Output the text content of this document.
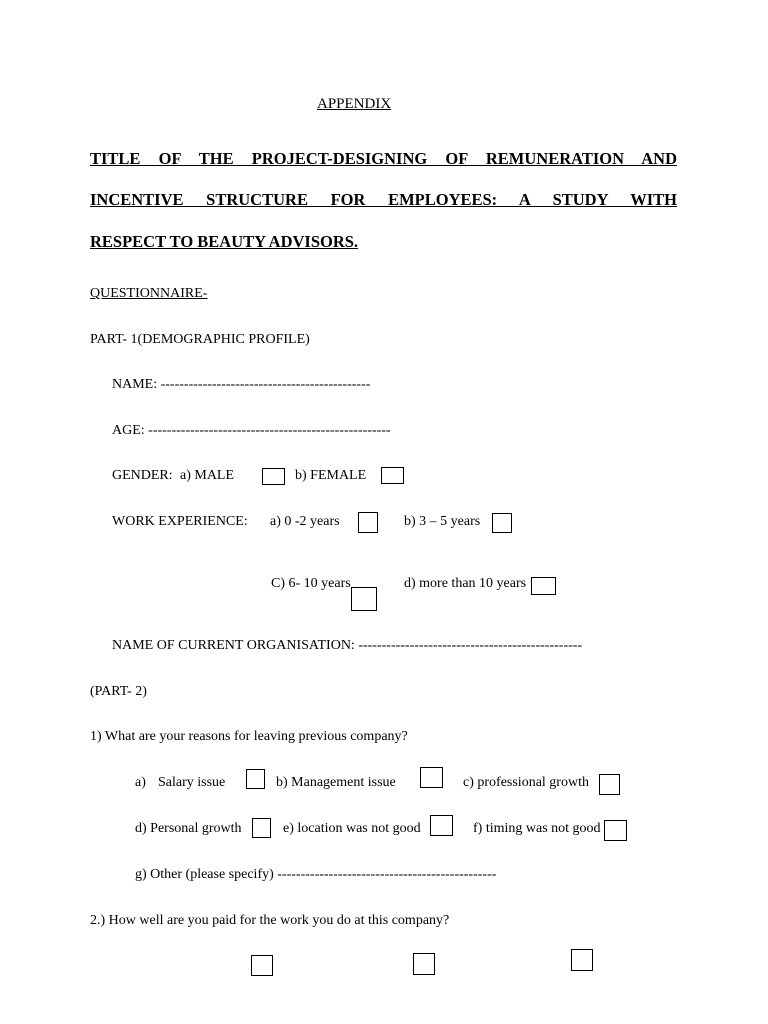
APPENDIX
TITLE OF THE PROJECT-DESIGNING OF REMUNERATION AND
INCENTIVE STRUCTURE FOR EMPLOYEES: A STUDY WITH
RESPECT TO BEAUTY ADVISORS.
QUESTIONNAIRE-
PART- 1(DEMOGRAPHIC PROFILE)
NAME: ---------------------------------------------
AGE: ----------------------------------------------------
GENDER: a) MALE	b) FEMALE
WORK EXPERIENCE: a) 0 -2 years	b) 3 – 5 years
C) 6- 10 years	d) more than 10 years
NAME OF CURRENT ORGANISATION: ------------------------------------------------
(PART- 2)
1) What are your reasons for leaving previous company?
a) Salary issue	b) Management issue	c) professional growth
d) Personal growth	e) location was not good	f) timing was not good
g) Other (please specify) -----------------------------------------------
2.) How well are you paid for the work you do at this company?
